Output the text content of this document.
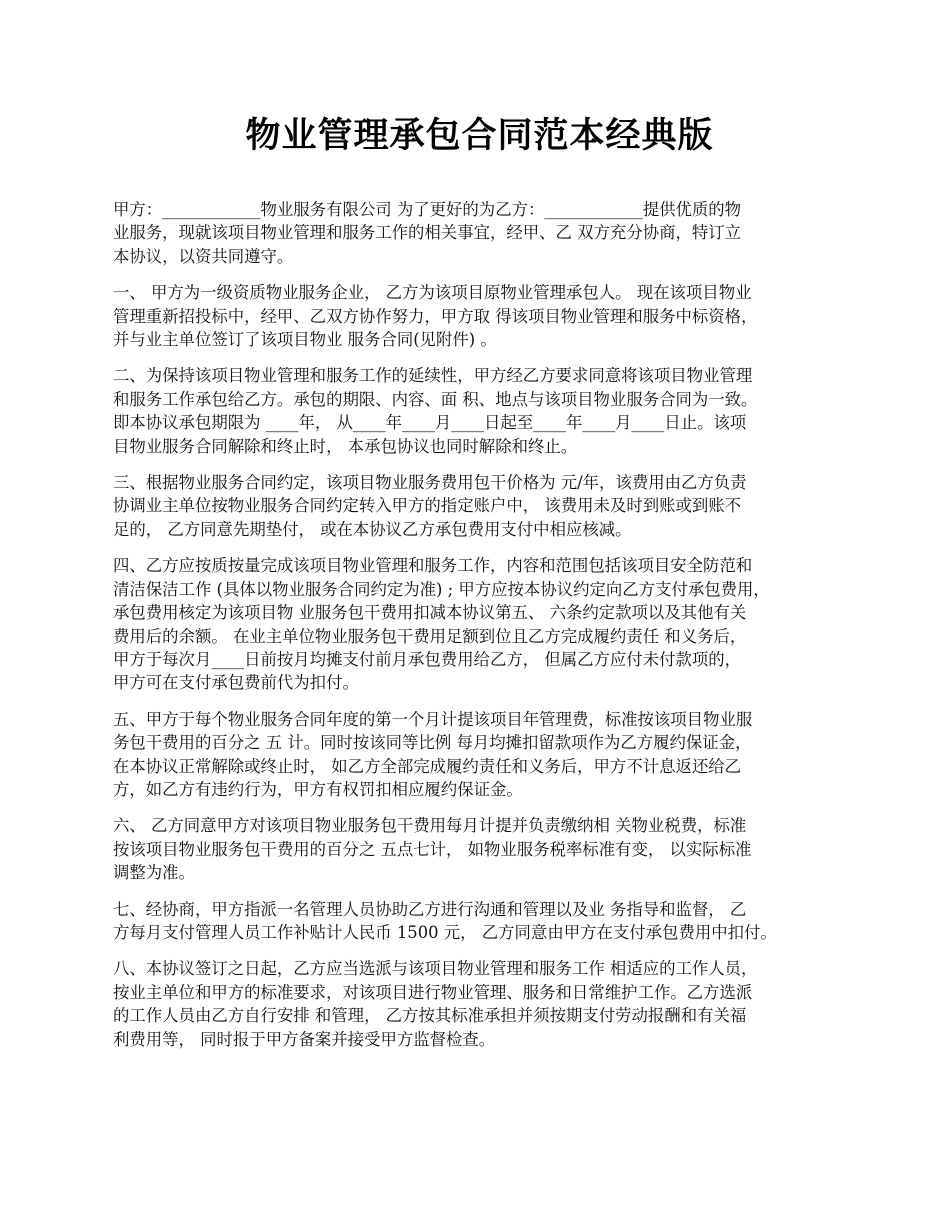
物业管理承包合同范本经典版

甲方：____________物业服务有限公司 为了更好的为乙方：____________提供优质的物
业服务，现就该项目物业管理和服务工作的相关事宜，经甲、乙 双方充分协商，特订立
本协议，以资共同遵守。

一、 甲方为一级资质物业服务企业， 乙方为该项目原物业管理承包人。 现在该项目物业
管理重新招投标中，经甲、乙双方协作努力，甲方取 得该项目物业管理和服务中标资格，
并与业主单位签订了该项目物业 服务合同(见附件) 。

二、为保持该项目物业管理和服务工作的延续性，甲方经乙方要求同意将该项目物业管理
和服务工作承包给乙方。承包的期限、内容、面 积、地点与该项目物业服务合同为一致。
即本协议承包期限为 ____年， 从____年____月____日起至____年____月____日止。该项
目物业服务合同解除和终止时， 本承包协议也同时解除和终止。

三、根据物业服务合同约定，该项目物业服务费用包干价格为 元/年，该费用由乙方负责
协调业主单位按物业服务合同约定转入甲方的指定账户中， 该费用未及时到账或到账不
足的， 乙方同意先期垫付， 或在本协议乙方承包费用支付中相应核减。

四、乙方应按质按量完成该项目物业管理和服务工作，内容和范围包括该项目安全防范和
清洁保洁工作 (具体以物业服务合同约定为准) ; 甲方应按本协议约定向乙方支付承包费用，
承包费用核定为该项目物 业服务包干费用扣减本协议第五、 六条约定款项以及其他有关
费用后的余额。 在业主单位物业服务包干费用足额到位且乙方完成履约责任 和义务后，
甲方于每次月____日前按月均摊支付前月承包费用给乙方， 但属乙方应付未付款项的，
甲方可在支付承包费前代为扣付。

五、甲方于每个物业服务合同年度的第一个月计提该项目年管理费，标准按该项目物业服
务包干费用的百分之 五 计。同时按该同等比例 每月均摊扣留款项作为乙方履约保证金，
在本协议正常解除或终止时， 如乙方全部完成履约责任和义务后，甲方不计息返还给乙
方，如乙方有违约行为，甲方有权罚扣相应履约保证金。

六、 乙方同意甲方对该项目物业服务包干费用每月计提并负责缴纳相 关物业税费，标准
按该项目物业服务包干费用的百分之 五点七计， 如物业服务税率标准有变， 以实际标准
调整为准。

七、经协商，甲方指派一名管理人员协助乙方进行沟通和管理以及业 务指导和监督， 乙
方每月支付管理人员工作补贴计人民币 1500 元， 乙方同意由甲方在支付承包费用中扣付。

八、本协议签订之日起，乙方应当选派与该项目物业管理和服务工作 相适应的工作人员，
按业主单位和甲方的标准要求，对该项目进行物业管理、服务和日常维护工作。乙方选派
的工作人员由乙方自行安排 和管理， 乙方按其标准承担并须按期支付劳动报酬和有关福
利费用等， 同时报于甲方备案并接受甲方监督检查。
